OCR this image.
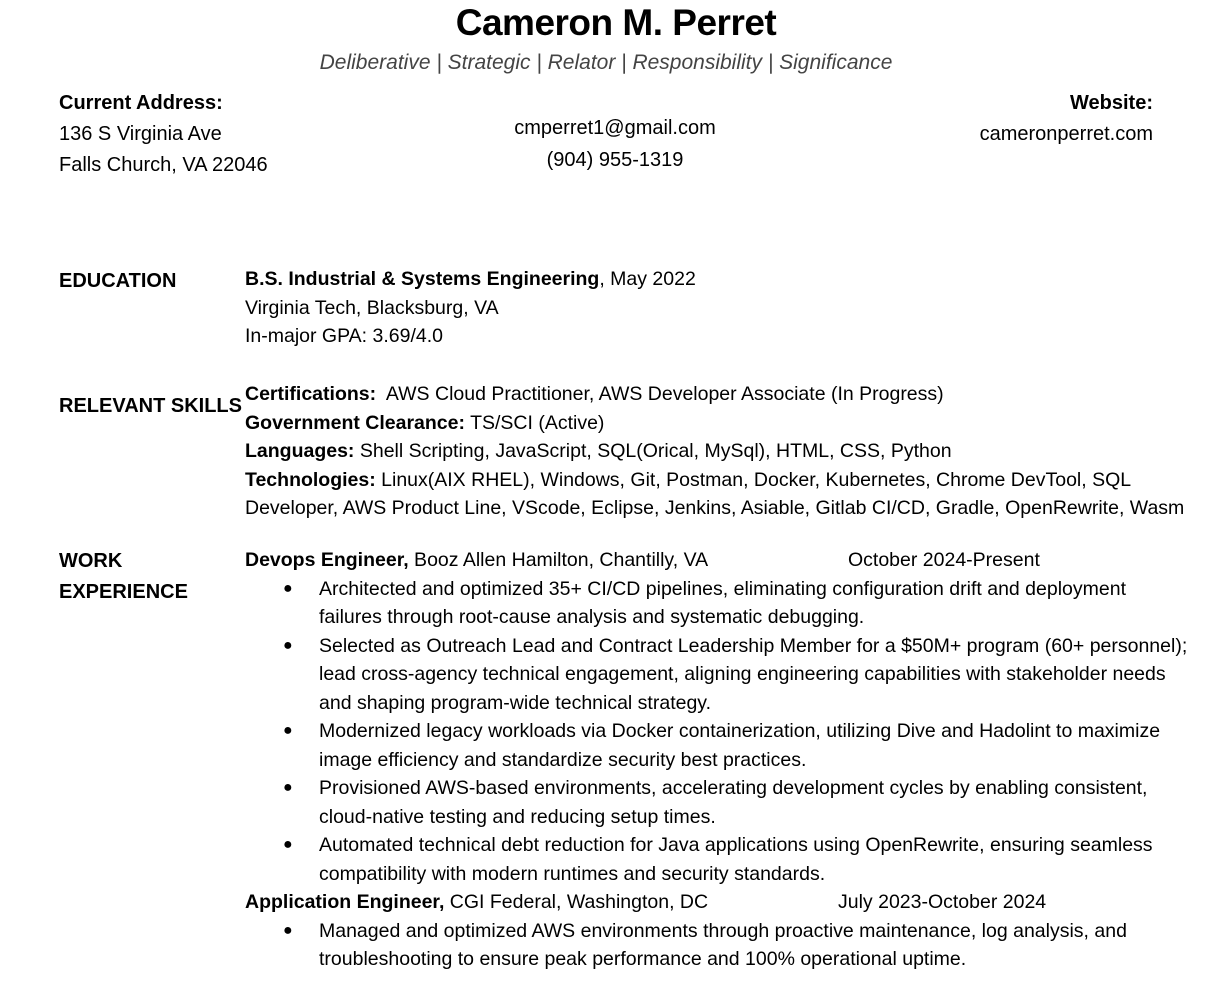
Cameron M. Perret
Deliberative | Strategic | Relator | Responsibility | Significance
Current Address:
136 S Virginia Ave
Falls Church, VA 22046
cmperret1@gmail.com
(904) 955-1319
Website:
cameronperret.com
EDUCATION	B.S. Industrial & Systems Engineering, May 2022
Virginia Tech, Blacksburg, VA
In-major GPA: 3.69/4.0
RELEVANT SKILLS
Certifications:  AWS Cloud Practitioner, AWS Developer Associate (In Progress)
Government Clearance: TS/SCI (Active)
Languages: Shell Scripting, JavaScript, SQL(Orical, MySql), HTML, CSS, Python
Technologies: Linux(AIX RHEL), Windows, Git, Postman, Docker, Kubernetes, Chrome DevTool, SQL
Developer, AWS Product Line, VScode, Eclipse, Jenkins, Asiable, Gitlab CI/CD, Gradle, OpenRewrite, Wasm
WORK
EXPERIENCE
Devops Engineer, Booz Allen Hamilton, Chantilly, VA	October 2024-Present
● Architected and optimized 35+ CI/CD pipelines, eliminating configuration drift and deployment
failures through root-cause analysis and systematic debugging.
● Selected as Outreach Lead and Contract Leadership Member for a $50M+ program (60+ personnel);
lead cross-agency technical engagement, aligning engineering capabilities with stakeholder needs
and shaping program-wide technical strategy.
● Modernized legacy workloads via Docker containerization, utilizing Dive and Hadolint to maximize
image efficiency and standardize security best practices.
● Provisioned AWS-based environments, accelerating development cycles by enabling consistent,
cloud-native testing and reducing setup times.
● Automated technical debt reduction for Java applications using OpenRewrite, ensuring seamless
compatibility with modern runtimes and security standards.
Application Engineer, CGI Federal, Washington, DC	July 2023-October 2024
● Managed and optimized AWS environments through proactive maintenance, log analysis, and
troubleshooting to ensure peak performance and 100% operational uptime.
